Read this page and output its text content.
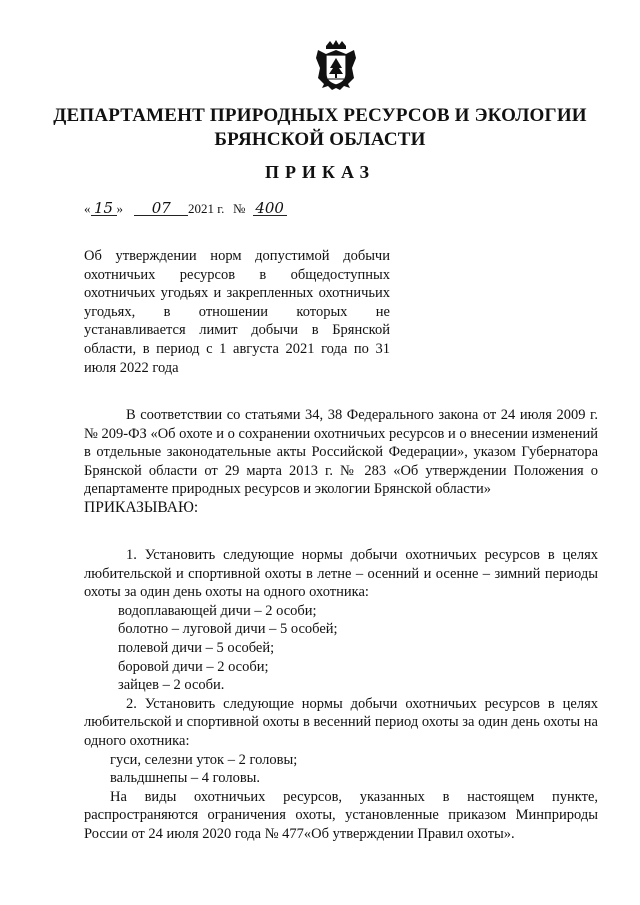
ДЕПАРТАМЕНТ ПРИРОДНЫХ РЕСУРСОВ И ЭКОЛОГИИ
БРЯНСКОЙ ОБЛАСТИ
ПРИКАЗ
« 15 » 07	2021 г. № 400
Об утверждении норм допустимой добычи охотничьих ресурсов в общедоступных охотничьих угодьях и закрепленных охотничьих угодьях, в отношении которых не устанавливается лимит добычи в Брянской области, в период с 1 августа 2021 года по 31 июля 2022 года

В соответствии со статьями 34, 38 Федерального закона от 24 июля 2009 г. № 209-ФЗ «Об охоте и о сохранении охотничьих ресурсов и о внесении изменений в отдельные законодательные акты Российской Федерации», указом Губернатора Брянской области от 29 марта 2013 г. № 283 «Об утверждении Положения о департаменте природных ресурсов и экологии Брянской области»

ПРИКАЗЫВАЮ:

1. Установить следующие нормы добычи охотничьих ресурсов в целях любительской и спортивной охоты в летне – осенний и осенне – зимний периоды охоты за один день охоты на одного охотника:

водоплавающей дичи – 2 особи;

болотно – луговой дичи – 5 особей;

полевой дичи – 5 особей;

боровой дичи – 2 особи;

зайцев – 2 особи.

2. Установить следующие нормы добычи охотничьих ресурсов в целях любительской и спортивной охоты в весенний период охоты за один день охоты на одного охотника:

гуси, селезни уток – 2 головы;

вальдшнепы – 4 головы.

На виды охотничьих ресурсов, указанных в настоящем пункте, распространяются ограничения охоты, установленные приказом Минприроды России от 24 июля 2020 года № 477«Об утверждении Правил охоты».
